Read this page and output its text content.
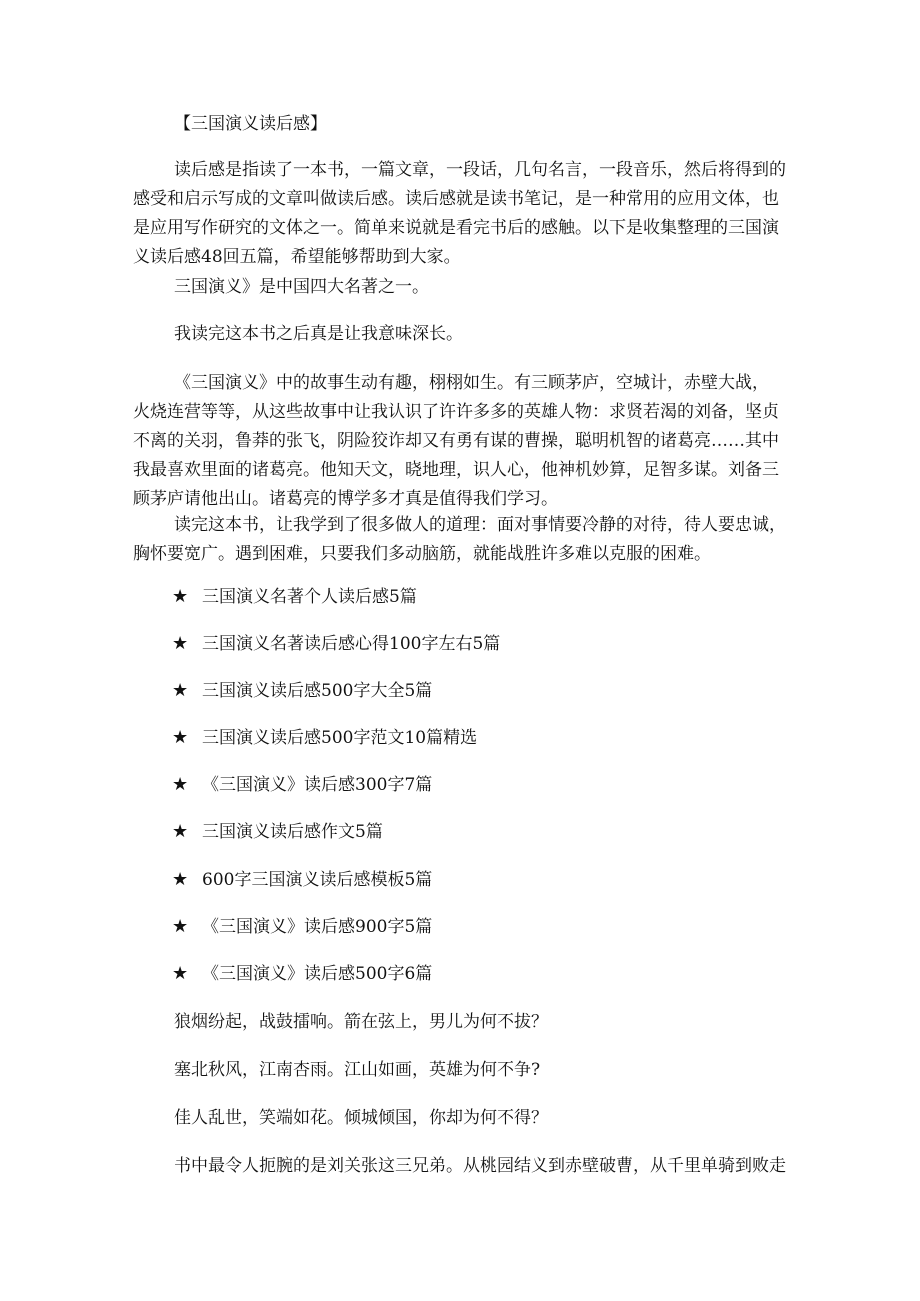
【三国演义读后感】
读后感是指读了一本书，一篇文章，一段话，几句名言，一段音乐，然后将得到的
感受和启示写成的文章叫做读后感。读后感就是读书笔记，是一种常用的应用文体，也
是应用写作研究的文体之一。简单来说就是看完书后的感触。以下是收集整理的三国演
义读后感48回五篇，希望能够帮助到大家。
三国演义》是中国四大名著之一。
我读完这本书之后真是让我意味深长。
《三国演义》中的故事生动有趣，栩栩如生。有三顾茅庐，空城计，赤壁大战，
火烧连营等等，从这些故事中让我认识了许许多多的英雄人物：求贤若渴的刘备，坚贞
不离的关羽，鲁莽的张飞，阴险狡诈却又有勇有谋的曹操，聪明机智的诸葛亮……其中
我最喜欢里面的诸葛亮。他知天文，晓地理，识人心，他神机妙算，足智多谋。刘备三
顾茅庐请他出山。诸葛亮的博学多才真是值得我们学习。
读完这本书，让我学到了很多做人的道理：面对事情要冷静的对待，待人要忠诚，
胸怀要宽广。遇到困难，只要我们多动脑筋，就能战胜许多难以克服的困难。
★ 三国演义名著个人读后感5篇
★ 三国演义名著读后感心得100字左右5篇
★ 三国演义读后感500字大全5篇
★ 三国演义读后感500字范文10篇精选
★ 《三国演义》读后感300字7篇
★ 三国演义读后感作文5篇
★ 600字三国演义读后感模板5篇
★ 《三国演义》读后感900字5篇
★ 《三国演义》读后感500字6篇
狼烟纷起，战鼓擂响。箭在弦上，男儿为何不拔？
塞北秋风，江南杏雨。江山如画，英雄为何不争?
佳人乱世，笑端如花。倾城倾国，你却为何不得？
书中最令人扼腕的是刘关张这三兄弟。从桃园结义到赤壁破曹，从千里单骑到败走
